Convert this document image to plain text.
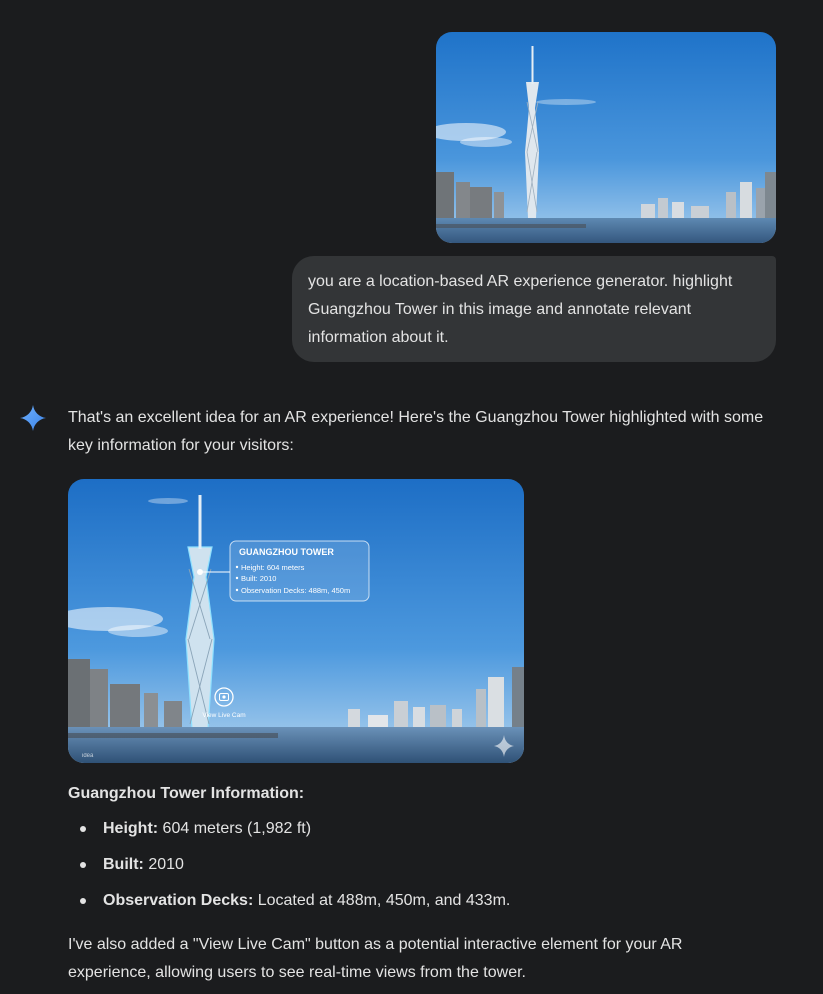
you are a location-based AR experience generator. highlight
Guangzhou Tower in this image and annotate relevant
information about it.

That's an excellent idea for an AR experience! Here's the Guangzhou Tower highlighted with some

key information for your visitors:

GUANGZHOU TOWER
Height: 604 meters
Built: 2010
Observation Decks: 488m, 450m
View Live Cam
idea

Guangzhou Tower Information:

Height: 604 meters (1,982 ft)
Built: 2010
Observation Decks: Located at 488m, 450m, and 433m.
I've also added a "View Live Cam" button as a potential interactive element for your AR
experience, allowing users to see real-time views from the tower.
